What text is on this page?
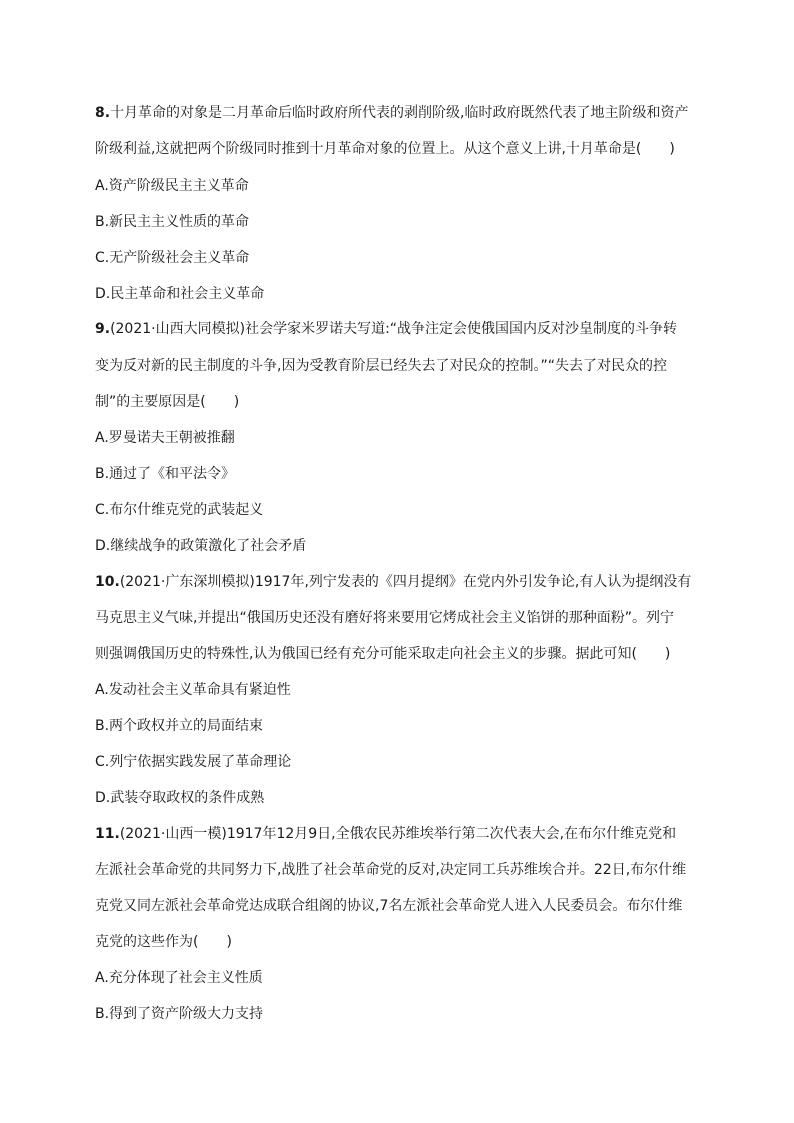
8.十月革命的对象是二月革命后临时政府所代表的剥削阶级,临时政府既然代表了地主阶级和资产
阶级利益,这就把两个阶级同时推到十月革命对象的位置上。从这个意义上讲,十月革命是(　　)
A.资产阶级民主主义革命
B.新民主主义性质的革命
C.无产阶级社会主义革命
D.民主革命和社会主义革命
9.(2021·山西大同模拟)社会学家米罗诺夫写道:“战争注定会使俄国国内反对沙皇制度的斗争转
变为反对新的民主制度的斗争,因为受教育阶层已经失去了对民众的控制。”“失去了对民众的控
制”的主要原因是(　　)
A.罗曼诺夫王朝被推翻
B.通过了《和平法令》
C.布尔什维克党的武装起义
D.继续战争的政策激化了社会矛盾
10.(2021·广东深圳模拟)1917年,列宁发表的《四月提纲》在党内外引发争论,有人认为提纲没有
马克思主义气味,并提出“俄国历史还没有磨好将来要用它烤成社会主义馅饼的那种面粉”。列宁
则强调俄国历史的特殊性,认为俄国已经有充分可能采取走向社会主义的步骤。据此可知(　　)
A.发动社会主义革命具有紧迫性
B.两个政权并立的局面结束
C.列宁依据实践发展了革命理论
D.武装夺取政权的条件成熟
11.(2021·山西一模)1917年12月9日,全俄农民苏维埃举行第二次代表大会,在布尔什维克党和
左派社会革命党的共同努力下,战胜了社会革命党的反对,决定同工兵苏维埃合并。22日,布尔什维
克党又同左派社会革命党达成联合组阁的协议,7名左派社会革命党人进入人民委员会。布尔什维
克党的这些作为(　　)
A.充分体现了社会主义性质
B.得到了资产阶级大力支持
